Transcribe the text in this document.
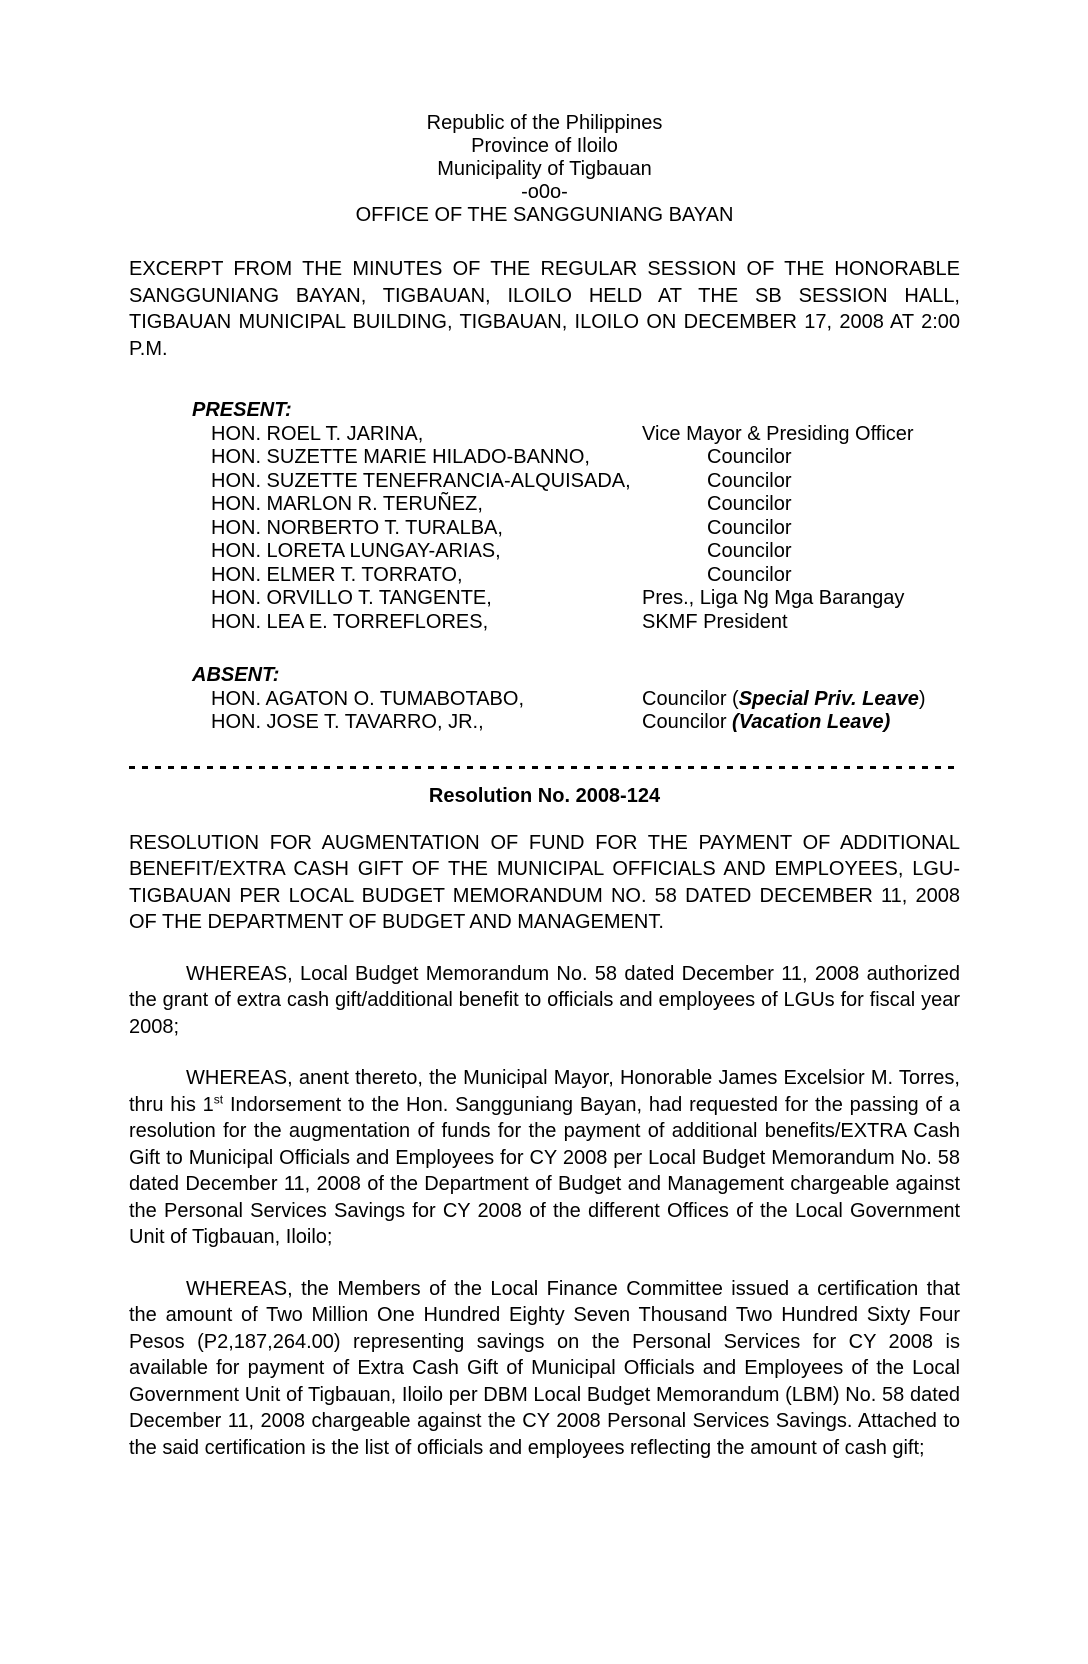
Republic of the Philippines
Province of Iloilo
Municipality of Tigbauan
-o0o-
OFFICE OF THE SANGGUNIANG BAYAN

EXCERPT FROM THE MINUTES OF THE REGULAR SESSION OF THE HONORABLE SANGGUNIANG BAYAN, TIGBAUAN, ILOILO HELD AT THE SB SESSION HALL, TIGBAUAN MUNICIPAL BUILDING, TIGBAUAN, ILOILO ON DECEMBER 17, 2008 AT 2:00 P.M.

PRESENT:
HON. ROEL T. JARINA,	Vice Mayor & Presiding Officer
HON. SUZETTE MARIE HILADO-BANNO,	Councilor
HON. SUZETTE TENEFRANCIA-ALQUISADA,	Councilor
HON. MARLON R. TERUÑEZ,	Councilor
HON. NORBERTO T. TURALBA,	Councilor
HON. LORETA LUNGAY-ARIAS,	Councilor
HON. ELMER T. TORRATO,	Councilor
HON. ORVILLO T. TANGENTE,	Pres., Liga Ng Mga Barangay
HON. LEA E. TORREFLORES,	SKMF President
ABSENT:
HON. AGATON O. TUMABOTABO,	Councilor (Special Priv. Leave)
HON. JOSE T. TAVARRO, JR.,	Councilor (Vacation Leave)
Resolution No. 2008-124

RESOLUTION FOR AUGMENTATION OF FUND FOR THE PAYMENT OF ADDITIONAL BENEFIT/EXTRA CASH GIFT OF THE MUNICIPAL OFFICIALS AND EMPLOYEES, LGU-TIGBAUAN PER LOCAL BUDGET MEMORANDUM NO. 58 DATED DECEMBER 11, 2008 OF THE DEPARTMENT OF BUDGET AND MANAGEMENT.

WHEREAS, Local Budget Memorandum No. 58 dated December 11, 2008 authorized the grant of extra cash gift/additional benefit to officials and employees of LGUs for fiscal year 2008;

WHEREAS, anent thereto, the Municipal Mayor, Honorable James Excelsior M. Torres, thru his 1st Indorsement to the Hon. Sangguniang Bayan, had requested for the passing of a resolution for the augmentation of funds for the payment of additional benefits/EXTRA Cash Gift to Municipal Officials and Employees for CY 2008 per Local Budget Memorandum No. 58 dated December 11, 2008 of the Department of Budget and Management chargeable against the Personal Services Savings for CY 2008 of the different Offices of the Local Government Unit of Tigbauan, Iloilo;

WHEREAS, the Members of the Local Finance Committee issued a certification that the amount of Two Million One Hundred Eighty Seven Thousand Two Hundred Sixty Four Pesos (P2,187,264.00) representing savings on the Personal Services for CY 2008 is available for payment of Extra Cash Gift of Municipal Officials and Employees of the Local Government Unit of Tigbauan, Iloilo per DBM Local Budget Memorandum (LBM) No. 58 dated December 11, 2008 chargeable against the CY 2008 Personal Services Savings. Attached to the said certification is the list of officials and employees reflecting the amount of cash gift;
